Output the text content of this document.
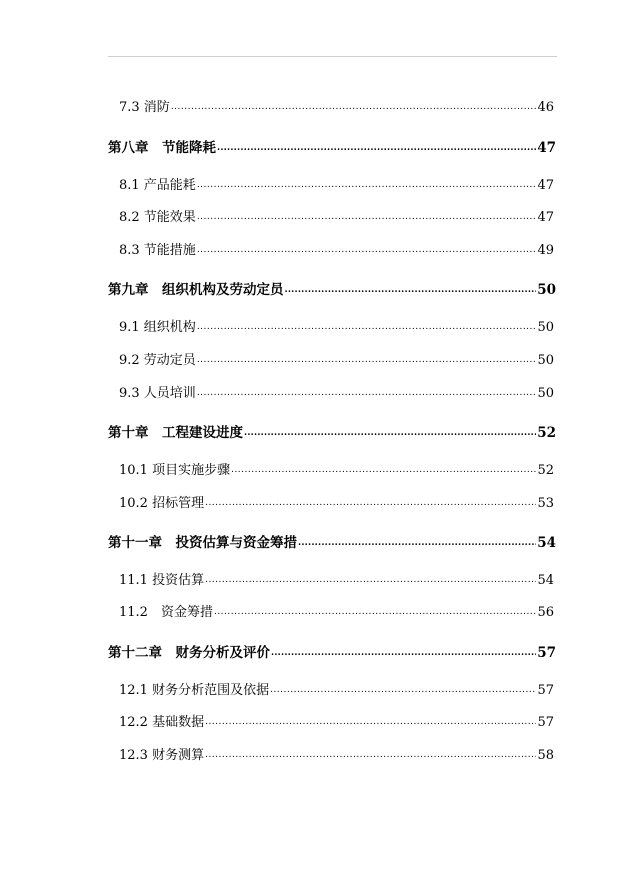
7.3 消防 .....	46
第八章　节能降耗 .....	47
8.1 产品能耗 .....	47
8.2 节能效果 .....	47
8.3 节能措施 .....	49
第九章　组织机构及劳动定员 .....	50
9.1 组织机构 .....	50
9.2 劳动定员 .....	50
9.3 人员培训 .....	50
第十章　工程建设进度 .....	52
10.1 项目实施步骤 .....	52
10.2 招标管理 .....	53
第十一章　投资估算与资金筹措 .....	54
11.1 投资估算 .....	54
11.2　资金筹措 .....	56
第十二章　财务分析及评价 .....	57
12.1 财务分析范围及依据 .....	57
12.2 基础数据 .....	57
12.3 财务测算 .....	58
